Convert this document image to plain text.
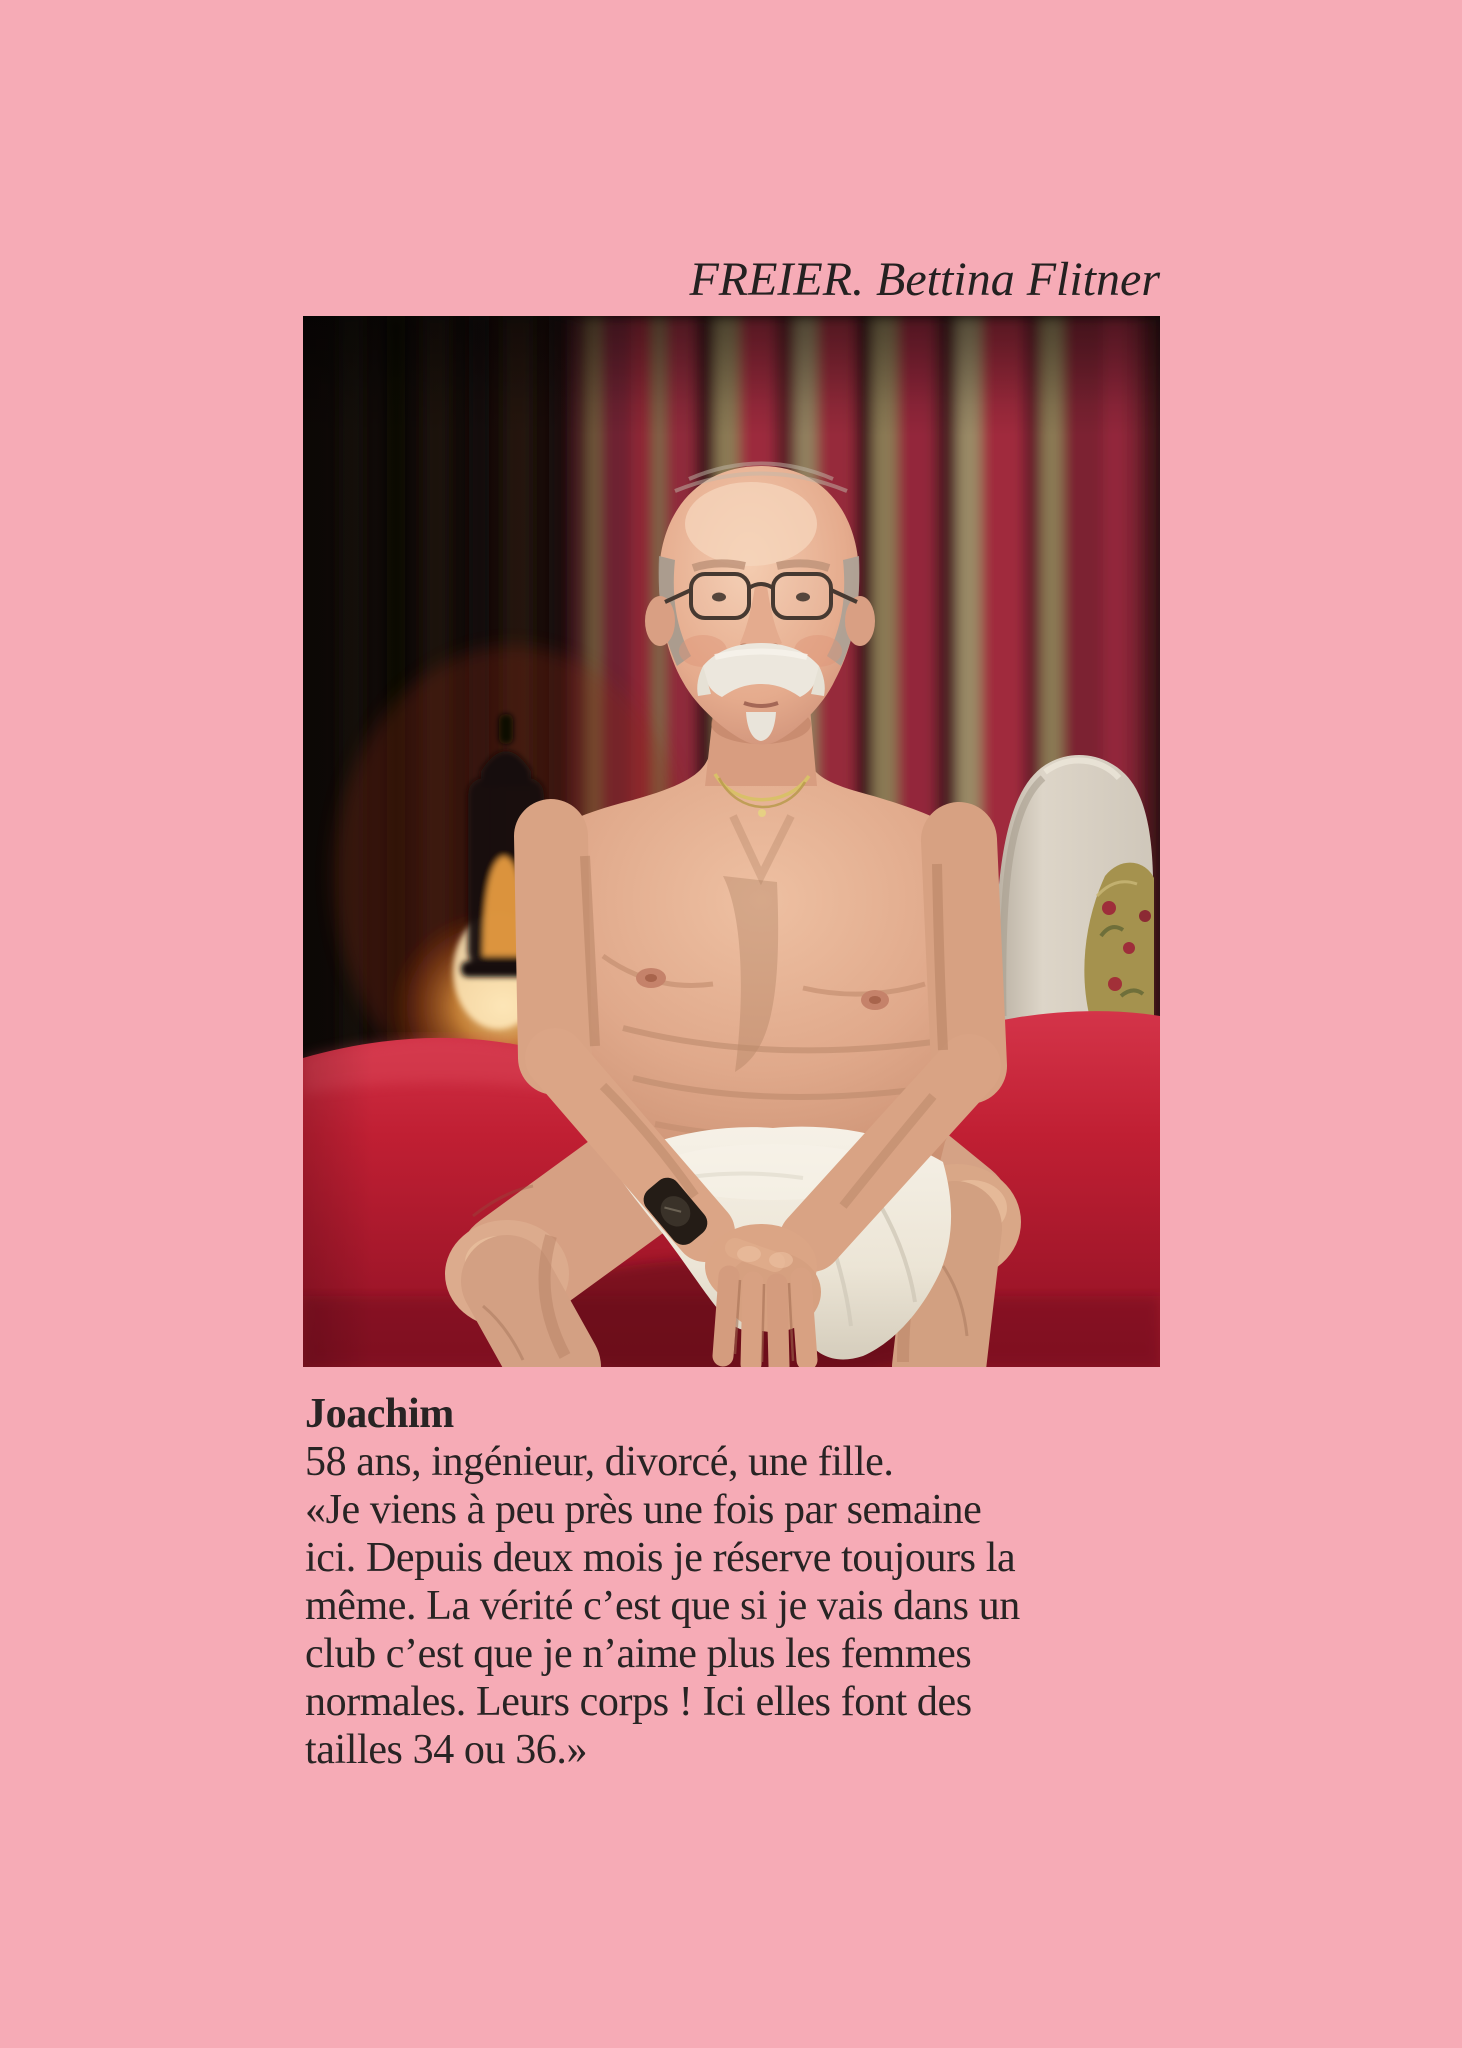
FREIER. Bettina Flitner
Joachim
58 ans, ingénieur, divorcé, une fille.
«Je viens à peu près une fois par semaine
ici. Depuis deux mois je réserve toujours la
même. La vérité c’est que si je vais dans un
club c’est que je n’aime plus les femmes
normales. Leurs corps ! Ici elles font des
tailles 34 ou 36.»
